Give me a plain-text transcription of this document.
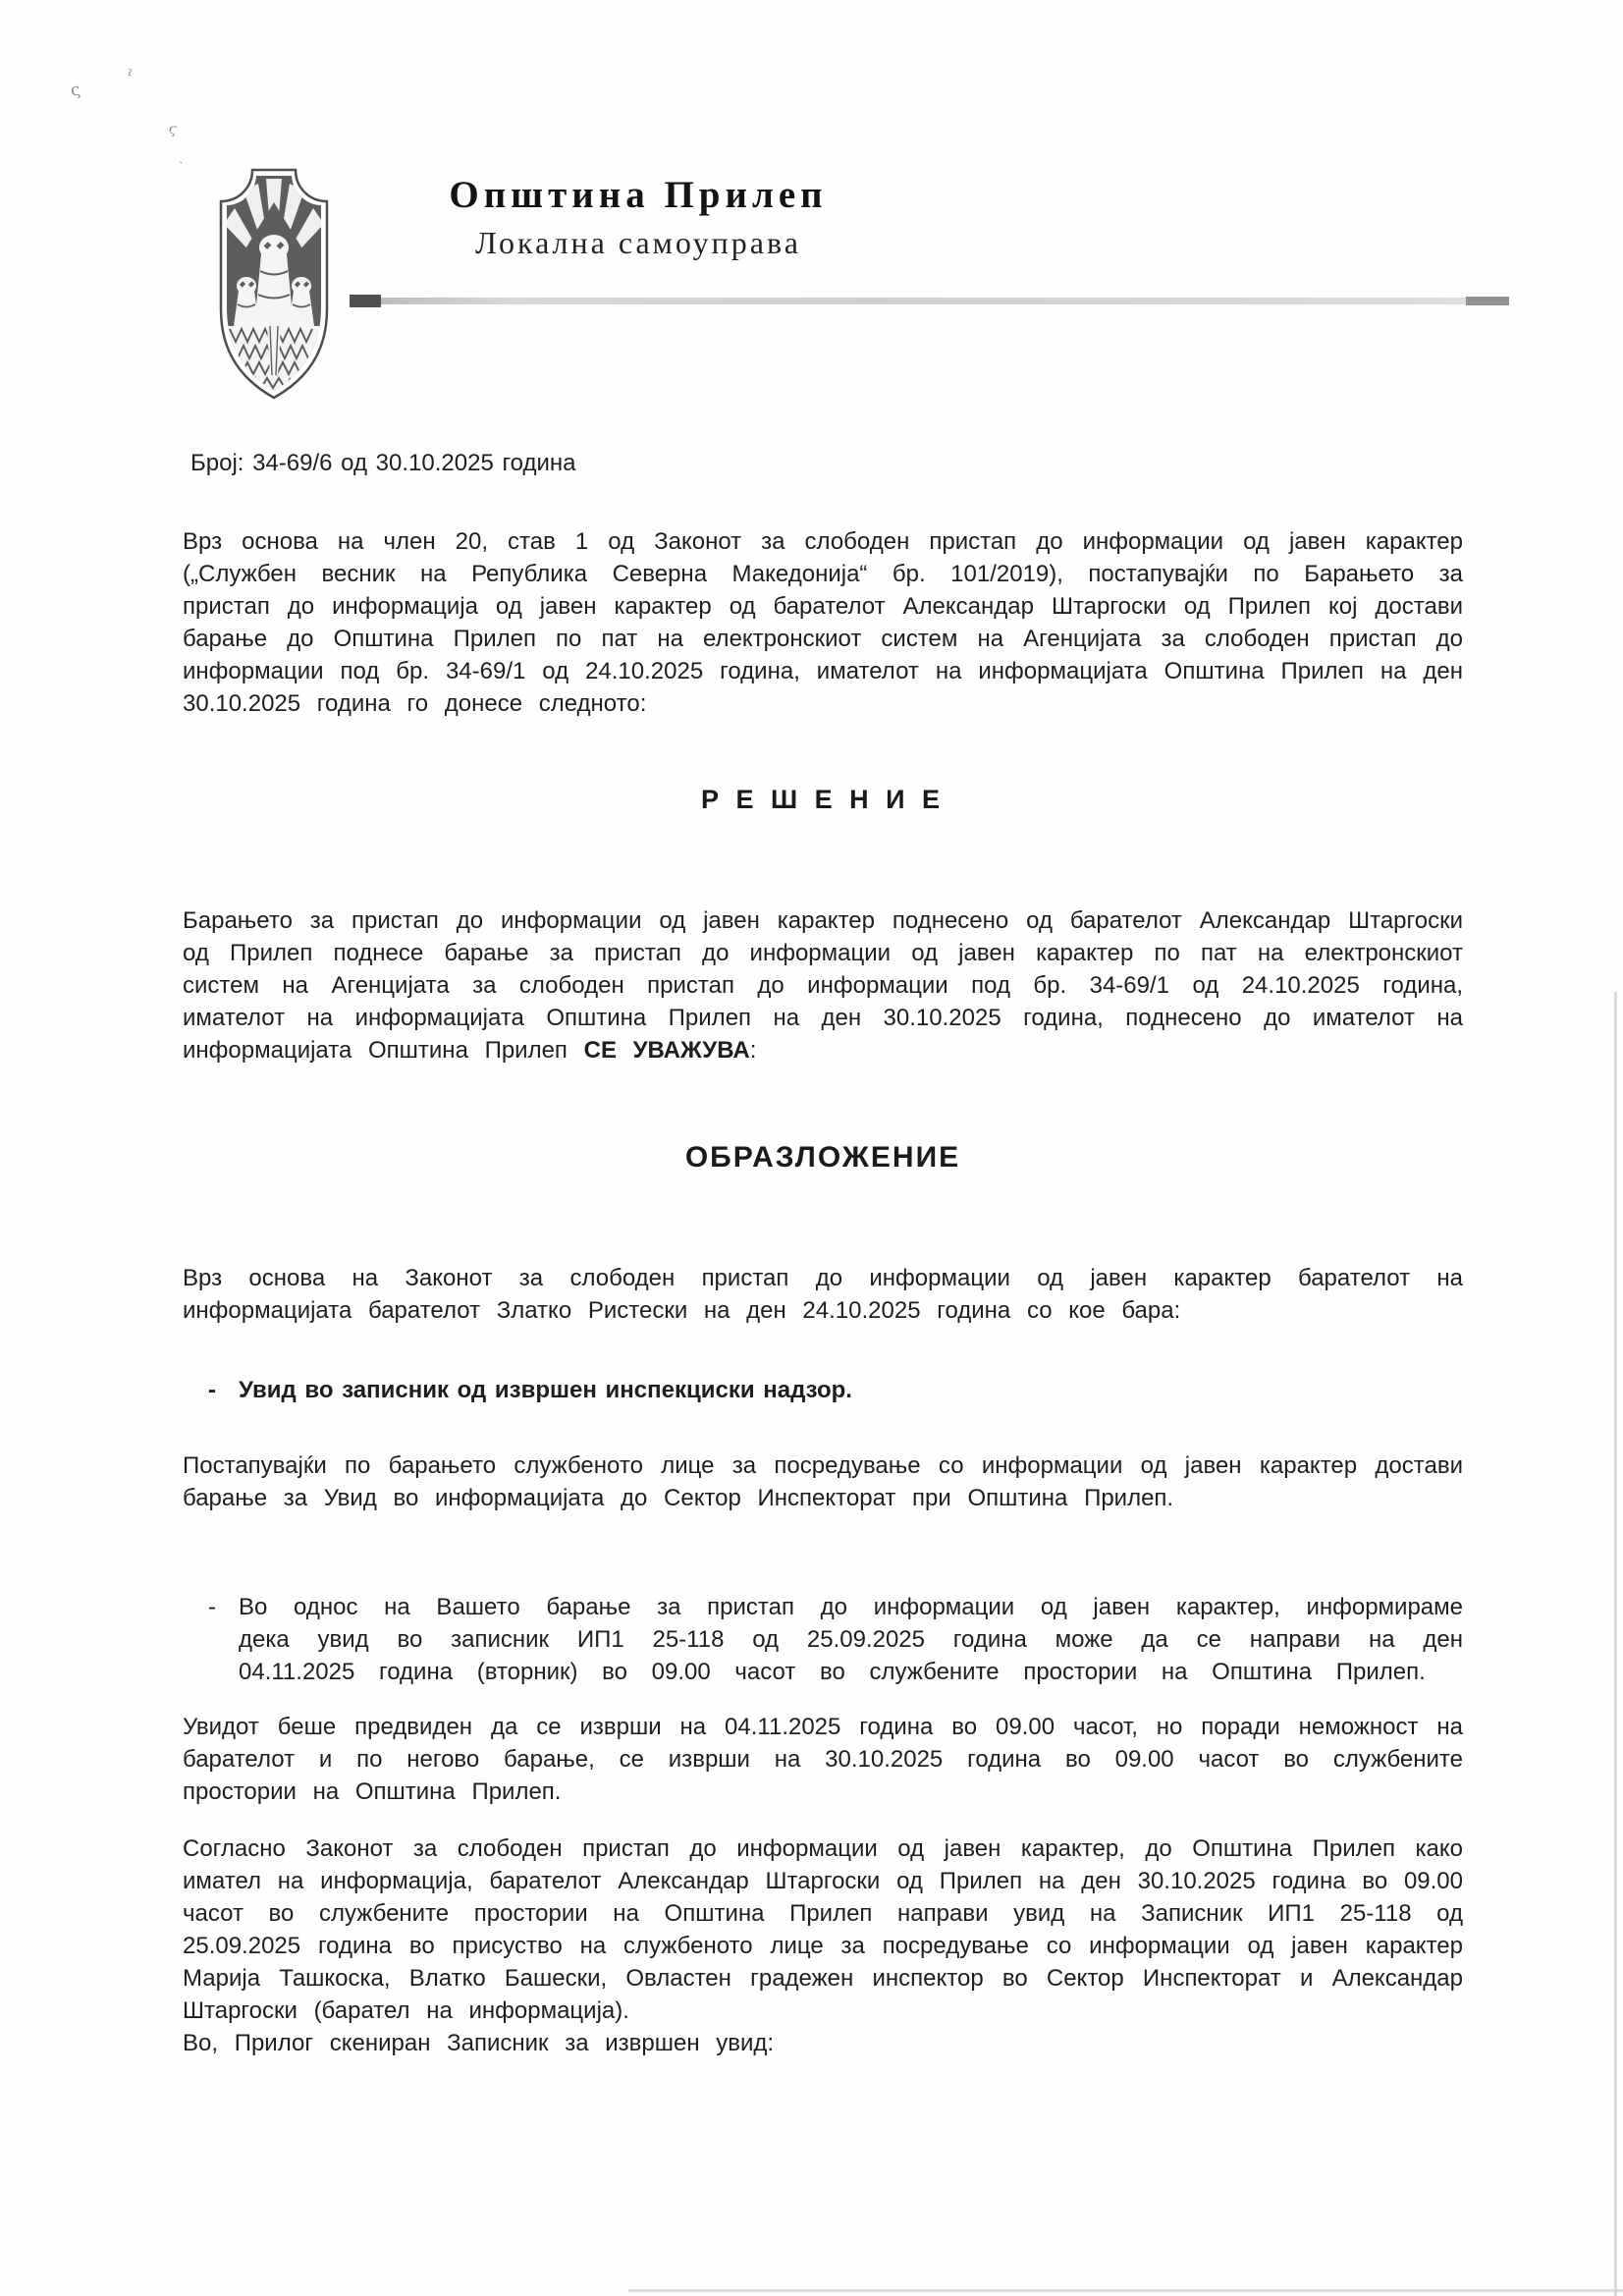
ς
ˀ
ϛ
ˎ
Општина Прилеп
Локална самоуправа
Број: 34-69/6 од 30.10.2025 година
Врз основа на член 20, став 1 од Законот за слободен пристап до информации од јавен карактер („Службен весник на Република Северна Македонија“ бр. 101/2019), постапувајќи по Барањето за пристап до информација од јавен карактер од барателот Александар Штаргоски од Прилеп кој достави барање до Општина Прилеп по пат на електронскиот систем на Агенцијата за слободен пристап до информации под бр. 34-69/1 од 24.10.2025 година, имателот на информацијата Општина Прилеп на ден 30.10.2025 година го донесе следното:
Р Е Ш Е Н И Е
Барањето за пристап до информации од јавен карактер поднесено од барателот Александар Штаргоски од Прилеп поднесе барање за пристап до информации од јавен карактер по пат на електронскиот систем на Агенцијата за слободен пристап до информации под бр. 34-69/1 од 24.10.2025 година, имателот на информацијата Општина Прилеп на ден 30.10.2025 година, поднесено до имателот на информацијата Општина Прилеп СЕ УВАЖУВА:
ОБРАЗЛОЖЕНИЕ
Врз основа на Законот за слободен пристап до информации од јавен карактер барателот на информацијата барателот Златко Ристески на ден 24.10.2025 година со кое бара:
- Увид во записник од извршен инспекциски надзор.
Постапувајќи по барањето службеното лице за посредување со информации од јавен карактер достави барање за Увид во информацијата до Сектор Инспекторат при Општина Прилеп.
- Во однос на Вашето барање за пристап до информации од јавен карактер, информираме дека увид во записник ИП1 25-118 од 25.09.2025 година може да се направи на ден 04.11.2025 година (вторник) во 09.00 часот во службените простории на Општина Прилеп.
Увидот беше предвиден да се изврши на 04.11.2025 година во 09.00 часот, но поради неможност на барателот и по негово барање, се изврши на 30.10.2025 година во 09.00 часот во службените простории на Општина Прилеп.
Согласно Законот за слободен пристап до информации од јавен карактер, до Општина Прилеп како имател на информација, барателот Александар Штаргоски од Прилеп на ден 30.10.2025 година во 09.00 часот во службените простории на Општина Прилеп направи увид на Записник ИП1 25-118 од 25.09.2025 година во присуство на службеното лице за посредување со информации од јавен карактер Марија Ташкоска, Влатко Башески, Овластен градежен инспектор во Сектор Инспекторат и Александар Штаргоски (барател на информација).
Во, Прилог скениран Записник за извршен увид:
